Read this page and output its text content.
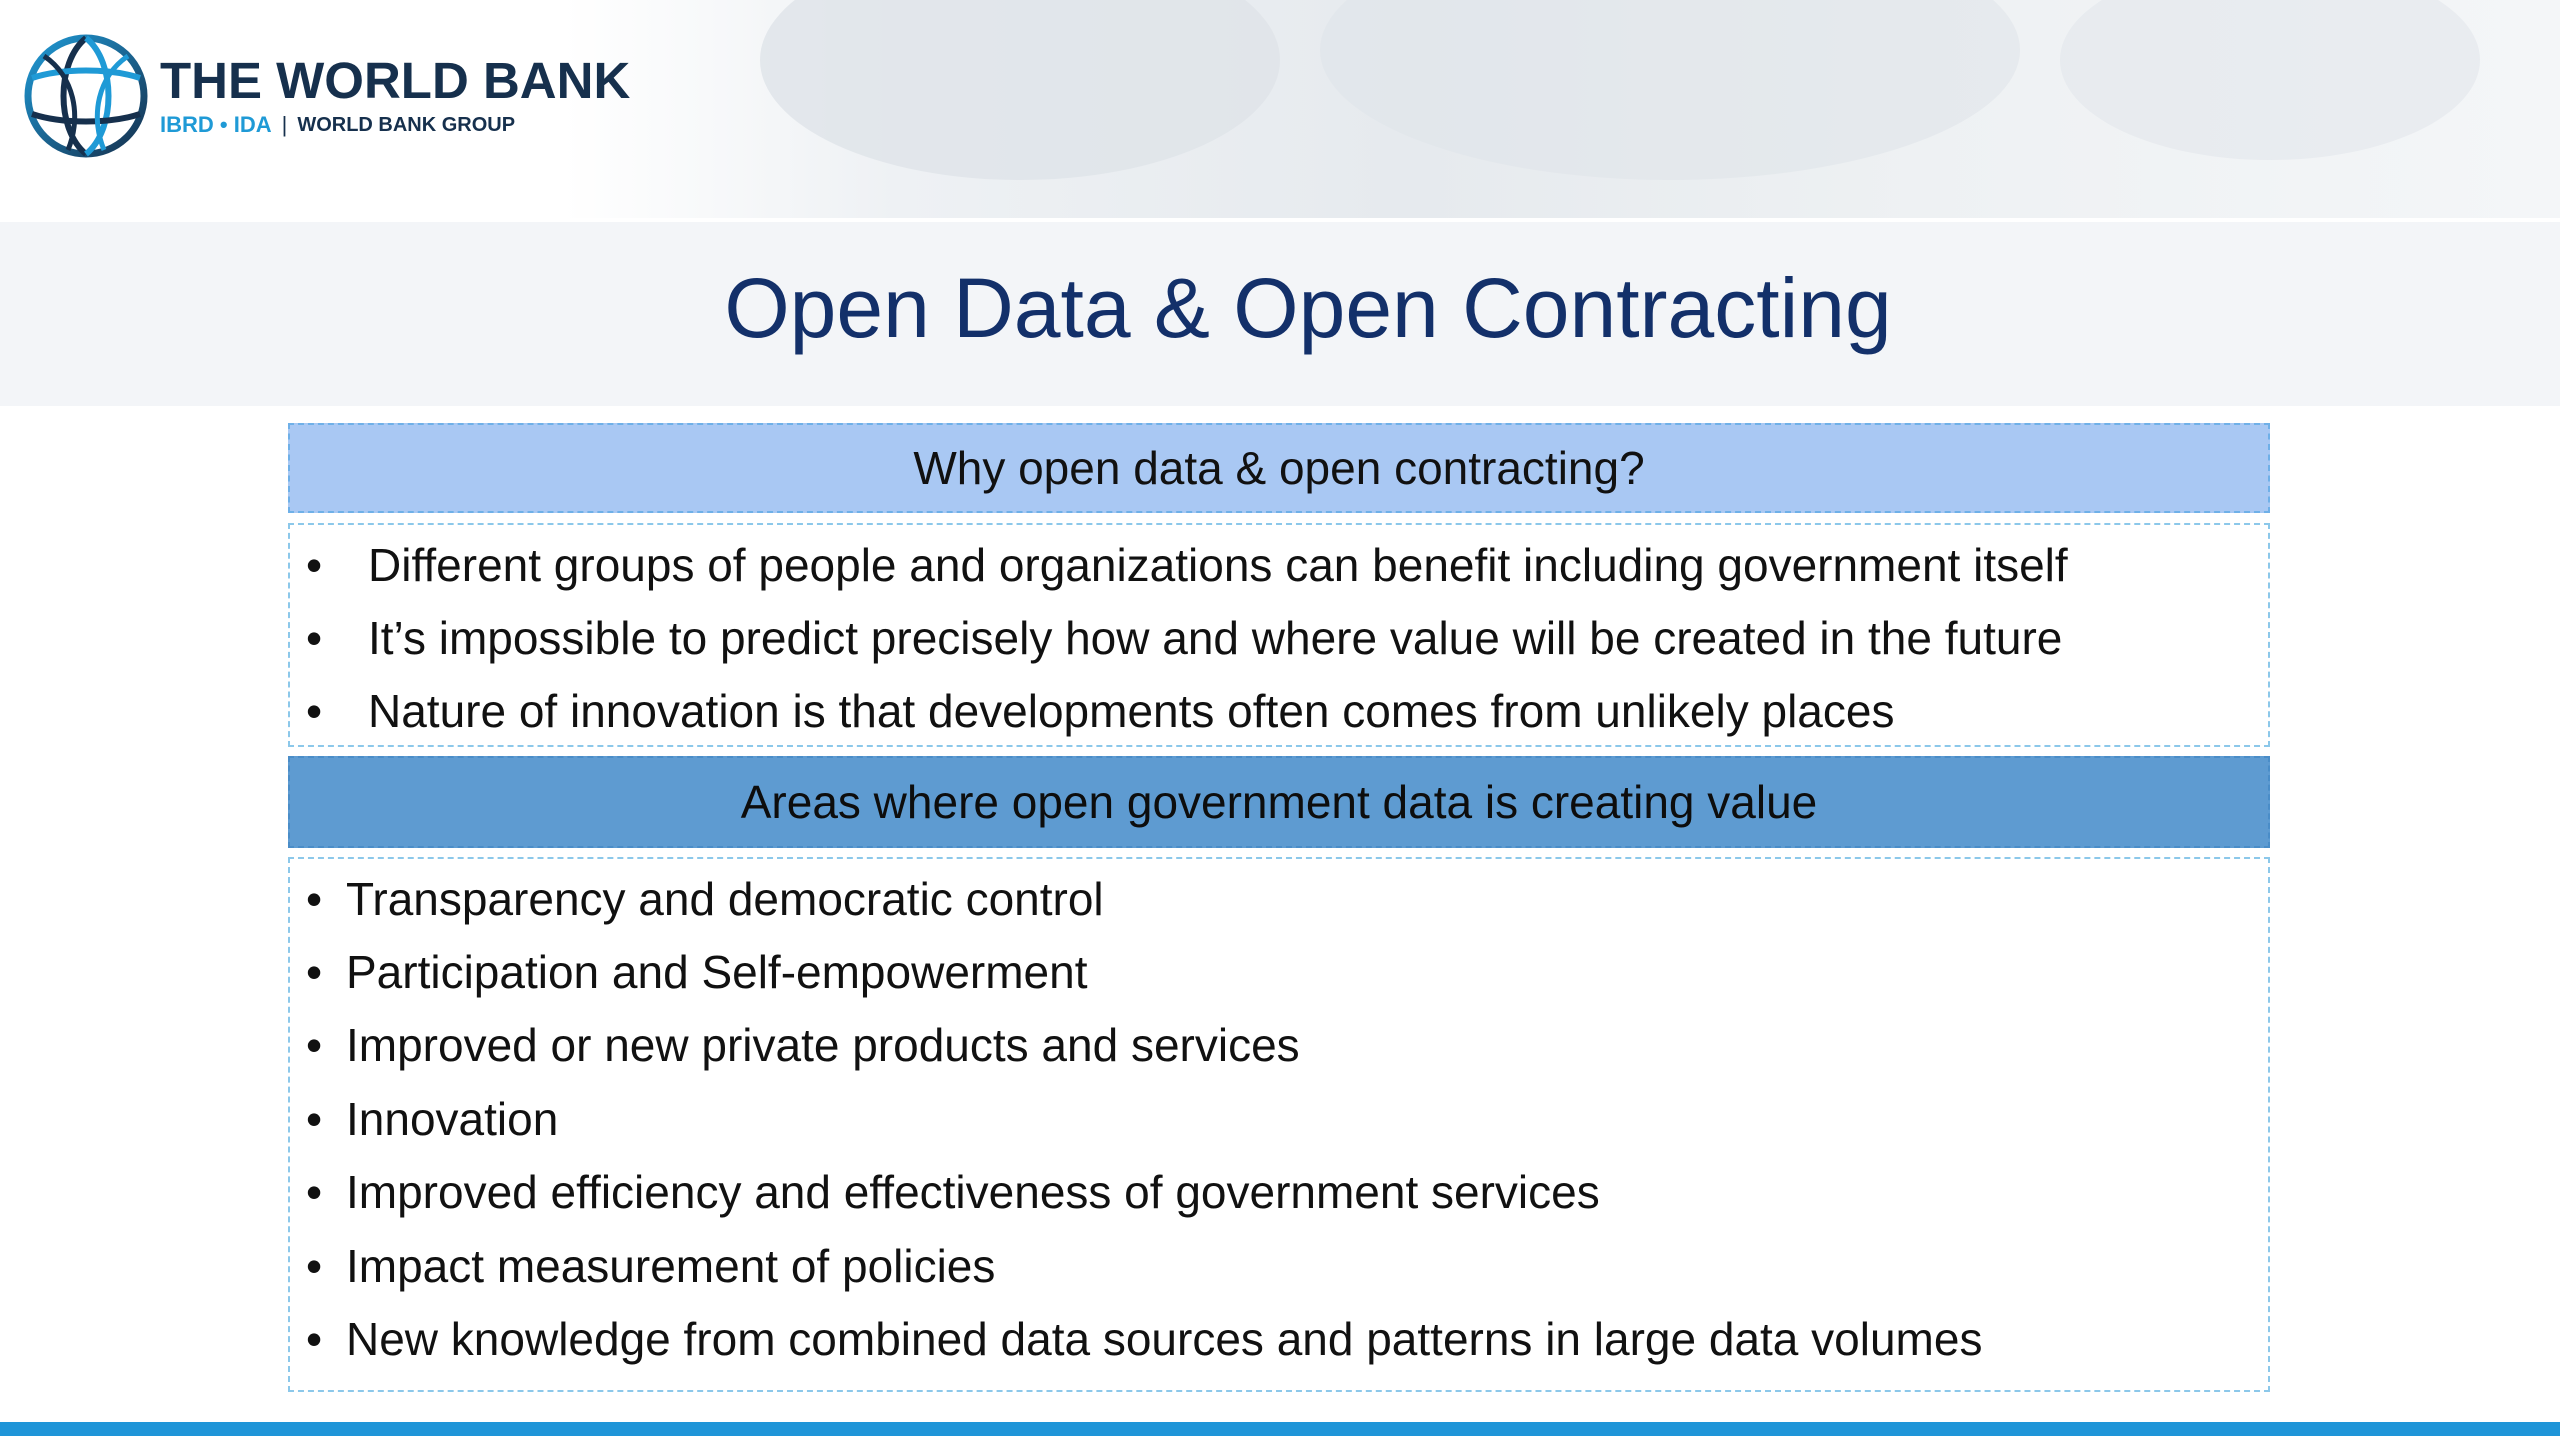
THE WORLD BANK
IBRD • IDA | WORLD BANK GROUP
Open Data & Open Contracting
Why open data & open contracting?
• Different groups of people and organizations can benefit including government itself
• It’s impossible to predict precisely how and where value will be created in the future
• Nature of innovation is that developments often comes from unlikely places
Areas where open government data is creating value
• Transparency and democratic control
• Participation and Self-empowerment
• Improved or new private products and services
• Innovation
• Improved efficiency and effectiveness of government services
• Impact measurement of policies
• New knowledge from combined data sources and patterns in large data volumes
